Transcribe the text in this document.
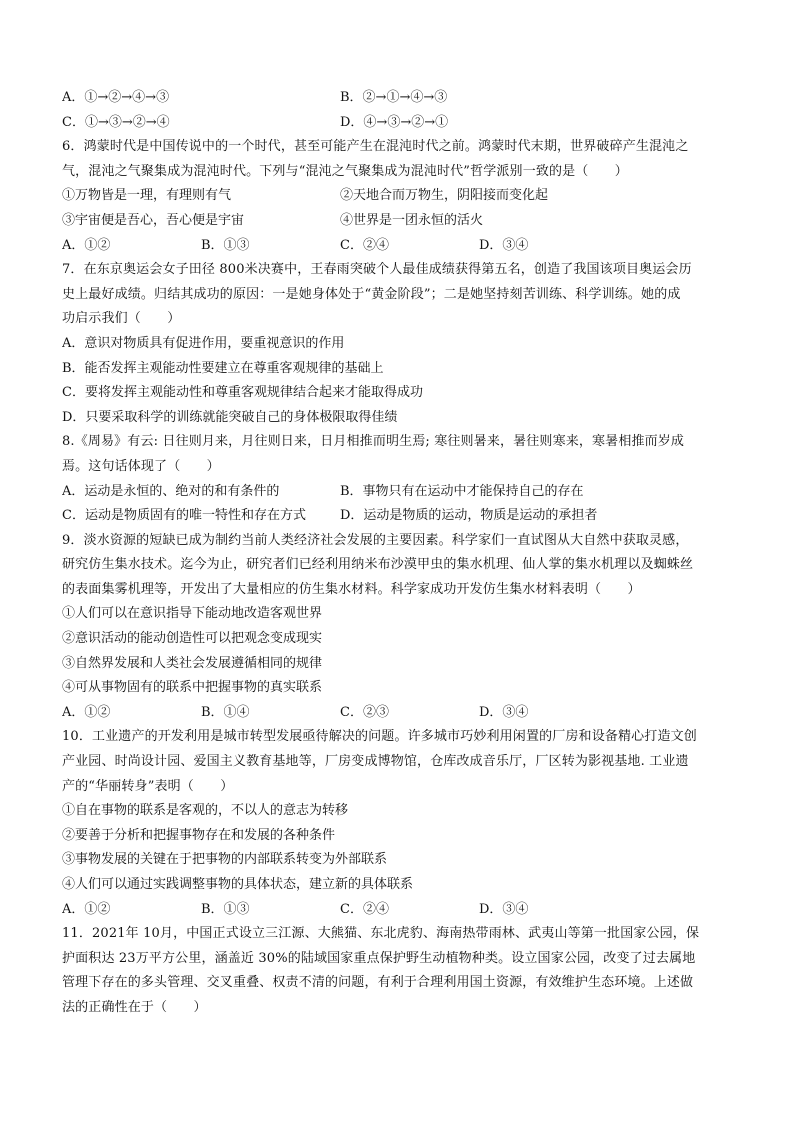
A．①→②→④→③	B．②→①→④→③
C．①→③→②→④	D．④→③→②→①
6．鸿蒙时代是中国传说中的一个时代，甚至可能产生在混沌时代之前。鸿蒙时代末期，世界破碎产生混沌之
气，混沌之气聚集成为混沌时代。下列与“混沌之气聚集成为混沌时代”哲学派别一致的是（　　）
①万物皆是一理，有理则有气	②天地合而万物生，阴阳接而变化起
③宇宙便是吾心，吾心便是宇宙	④世界是一团永恒的活火
A．①②	B．①③	C．②④	D．③④
7．在东京奥运会女子田径 800米决赛中，王春雨突破个人最佳成绩获得第五名，创造了我国该项目奥运会历
史上最好成绩。归结其成功的原因：一是她身体处于“黄金阶段”；二是她坚持刻苦训练、科学训练。她的成
功启示我们（　　）
A．意识对物质具有促进作用，要重视意识的作用
B．能否发挥主观能动性要建立在尊重客观规律的基础上
C．要将发挥主观能动性和尊重客观规律结合起来才能取得成功
D．只要采取科学的训练就能突破自己的身体极限取得佳绩
8.《周易》有云: 日往则月来，月往则日来，日月相推而明生焉; 寒往则暑来，暑往则寒来，寒暑相推而岁成
焉。这句话体现了（　　）
A．运动是永恒的、绝对的和有条件的	B．事物只有在运动中才能保持自己的存在
C．运动是物质固有的唯一特性和存在方式	D．运动是物质的运动，物质是运动的承担者
9．淡水资源的短缺已成为制约当前人类经济社会发展的主要因素。科学家们一直试图从大自然中获取灵感，
研究仿生集水技术。迄今为止，研究者们已经利用纳米布沙漠甲虫的集水机理、仙人掌的集水机理以及蜘蛛丝
的表面集雾机理等，开发出了大量相应的仿生集水材料。科学家成功开发仿生集水材料表明（　　）
①人们可以在意识指导下能动地改造客观世界
②意识活动的能动创造性可以把观念变成现实
③自然界发展和人类社会发展遵循相同的规律
④可从事物固有的联系中把握事物的真实联系
A．①②	B．①④	C．②③	D．③④
10．工业遗产的开发利用是城市转型发展亟待解决的问题。许多城市巧妙利用闲置的厂房和设备精心打造文创
产业园、时尚设计园、爱国主义教育基地等，厂房变成博物馆，仓库改成音乐厅，厂区转为影视基地. 工业遗
产的“华丽转身”表明（　　）
①自在事物的联系是客观的，不以人的意志为转移
②要善于分析和把握事物存在和发展的各种条件
③事物发展的关键在于把事物的内部联系转变为外部联系
④人们可以通过实践调整事物的具体状态，建立新的具体联系
A．①②	B．①③	C．②④	D．③④
11．2021年 10月，中国正式设立三江源、大熊猫、东北虎豹、海南热带雨林、武夷山等第一批国家公园，保
护面积达 23万平方公里，涵盖近 30%的陆域国家重点保护野生动植物种类。设立国家公园，改变了过去属地
管理下存在的多头管理、交叉重叠、权责不清的问题，有利于合理利用国土资源，有效维护生态环境。上述做
法的正确性在于（　　）
